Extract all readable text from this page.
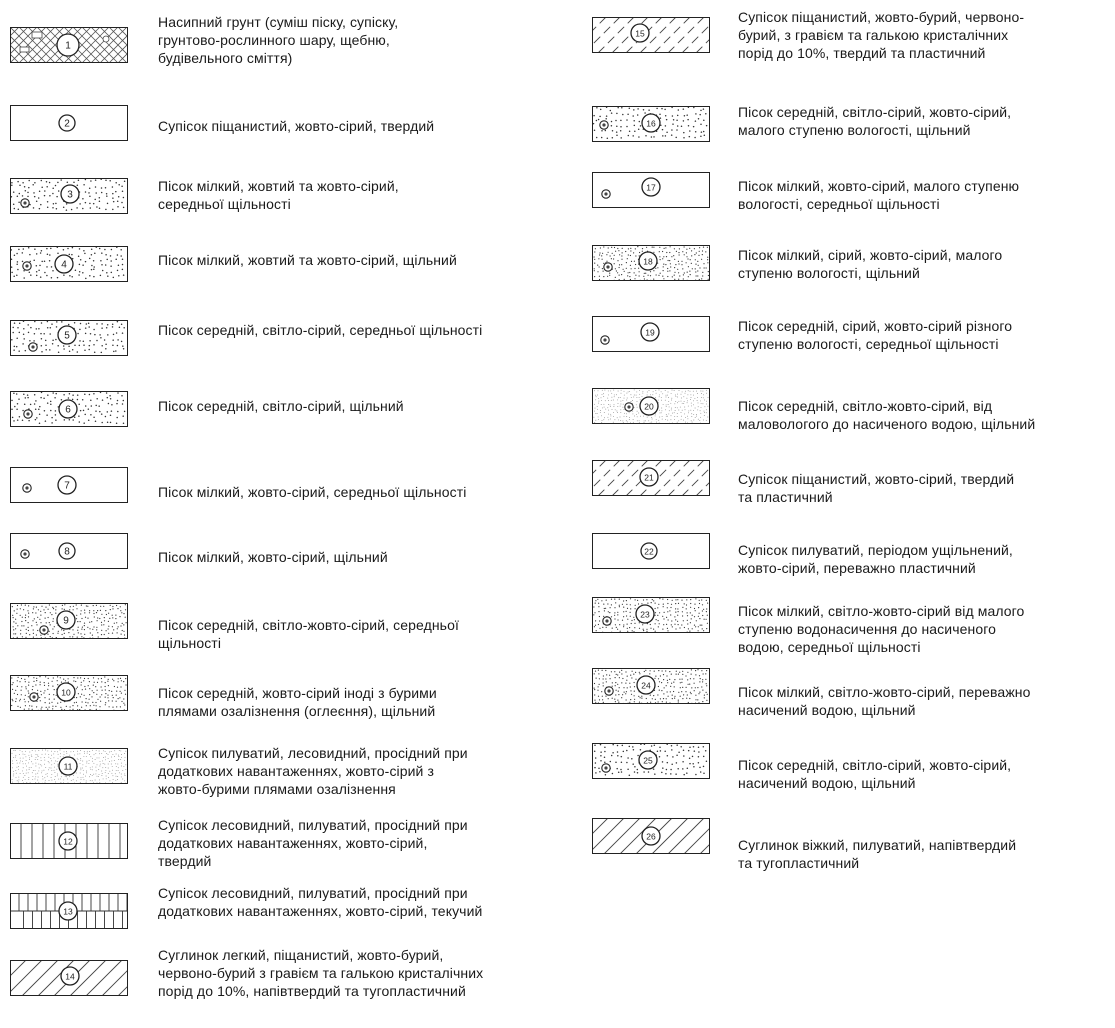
1
Насипний грунт (суміш піску, супіску,
грунтово-рослинного шару, щебню,
будівельного сміття)
2	Супісок піщанистий, жовто-сірий, твердий
3
Пісок мілкий, жовтий та жовто-сірий,
середньої щільності
4	Пісок мілкий, жовтий та жовто-сірий, щільний
5	Пісок середній, світло-сірий, середньої щільності
6	Пісок середній, світло-сірий, щільний
7	Пісок мілкий, жовто-сірий, середньої щільності
8	Пісок мілкий, жовто-сірий, щільний
9	Пісок середній, світло-жовто-сірий, середньої
щільності
10	Пісок середній, жовто-сірий іноді з бурими
плямами озалізнення (оглеєння), щільний
11
Супісок пилуватий, лесовидний, просідний при
додаткових навантаженнях, жовто-сірий з
жовто-бурими плямами озалізнення
12
Супісок лесовидний, пилуватий, просідний при
додаткових навантаженнях, жовто-сірий,
твердий
13
Супісок лесовидний, пилуватий, просідний при
додаткових навантаженнях, жовто-сірий, текучий
14
Суглинок легкий, піщанистий, жовто-бурий,
червоно-бурий з гравієм та галькою кристалічних
порід до 10%, напівтвердий та тугопластичний
15
Супісок піщанистий, жовто-бурий, червоно-
бурий, з гравієм та галькою кристалічних
порід до 10%, твердий та пластичний
16
Пісок середній, світло-сірий, жовто-сірий,
малого ступеню вологості, щільний
17	Пісок мілкий, жовто-сірий, малого ступеню
вологості, середньої щільності
18	Пісок мілкий, сірий, жовто-сірий, малого
ступеню вологості, щільний
19	Пісок середній, сірий, жовто-сірий різного
ступеню вологості, середньої щільності
20	Пісок середній, світло-жовто-сірий, від
маловологого до насиченого водою, щільний
21	Супісок піщанистий, жовто-сірий, твердий
та пластичний
22	Супісок пилуватий, періодом ущільнений,
жовто-сірий, переважно пластичний
23	Пісок мілкий, світло-жовто-сірий від малого
ступеню водонасичення до насиченого
водою, середньої щільності
24	Пісок мілкий, світло-жовто-сірий, переважно
насичений водою, щільний
25	Пісок середній, світло-сірий, жовто-сірий,
насичений водою, щільний
26
Суглинок віжкий, пилуватий, напівтвердий
та тугопластичний
